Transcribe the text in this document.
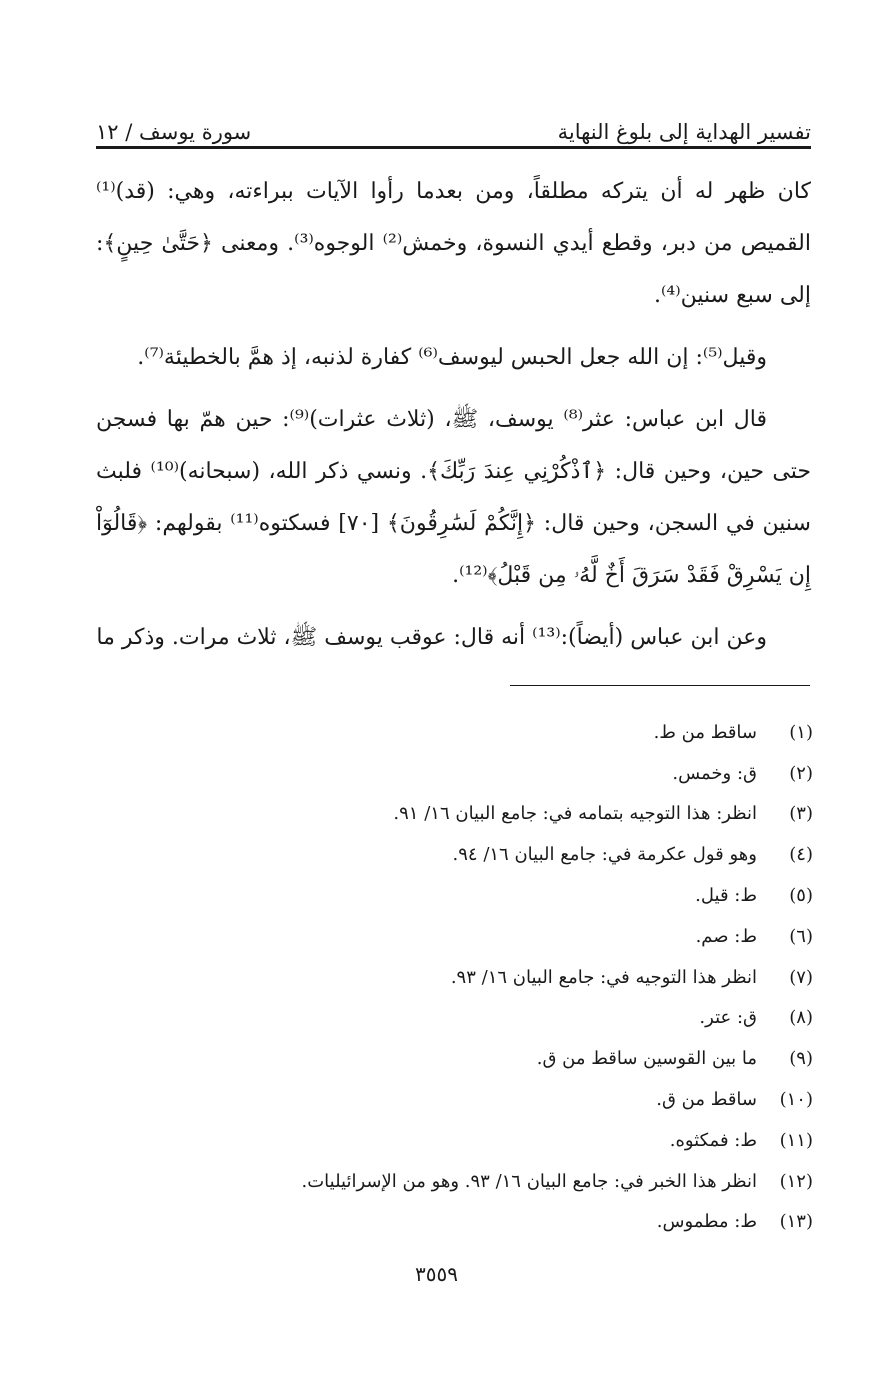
تفسير الهداية إلى بلوغ النهاية
سورة يوسف / ١٢

كان ظهر له أن يتركه مطلقاً، ومن بعدما رأوا الآيات ببراءته، وهي: (قد)⁽¹⁾ القميص من دبر، وقطع أيدي النسوة، وخمش⁽²⁾ الوجوه⁽³⁾. ومعنى ﴿حَتَّىٰ حِينٍ﴾: إلى سبع سنين⁽⁴⁾.

وقيل⁽⁵⁾: إن الله جعل الحبس ليوسف⁽⁶⁾ كفارة لذنبه، إذ همَّ بالخطيئة⁽⁷⁾.

قال ابن عباس: عثر⁽⁸⁾ يوسف، ﷺ، (ثلاث عثرات)⁽⁹⁾: حين همّ بها فسجن حتى حين، وحين قال: ﴿ٱذْكُرْنِي عِندَ رَبِّكَ﴾. ونسي ذكر الله، (سبحانه)⁽¹⁰⁾ فلبث سنين في السجن، وحين قال: ﴿إِنَّكُمْ لَسَٰرِقُونَ﴾ [٧٠] فسكتوه⁽¹¹⁾ بقولهم: ﴿قَالُوٓاْ إِن يَسْرِقْ فَقَدْ سَرَقَ أَخٌ لَّهُۥ مِن قَبْلُ﴾⁽¹²⁾.

وعن ابن عباس (أيضاً):⁽¹³⁾ أنه قال: عوقب يوسف ﷺ، ثلاث مرات. وذكر ما

(١)
ساقط من ط.
(٢)
ق: وخمس.
(٣)
انظر: هذا التوجيه بتمامه في: جامع البيان ١٦/ ٩١.
(٤)
وهو قول عكرمة في: جامع البيان ١٦/ ٩٤.
(٥)
ط: قيل.
(٦)
ط: صم.
(٧)
انظر هذا التوجيه في: جامع البيان ١٦/ ٩٣.
(٨)
ق: عتر.
(٩)
ما بين القوسين ساقط من ق.
(١٠)
ساقط من ق.
(١١)
ط: فمكثوه.
(١٢)
انظر هذا الخبر في: جامع البيان ١٦/ ٩٣. وهو من الإسرائيليات.
(١٣)
ط: مطموس.
٣٥٥٩
